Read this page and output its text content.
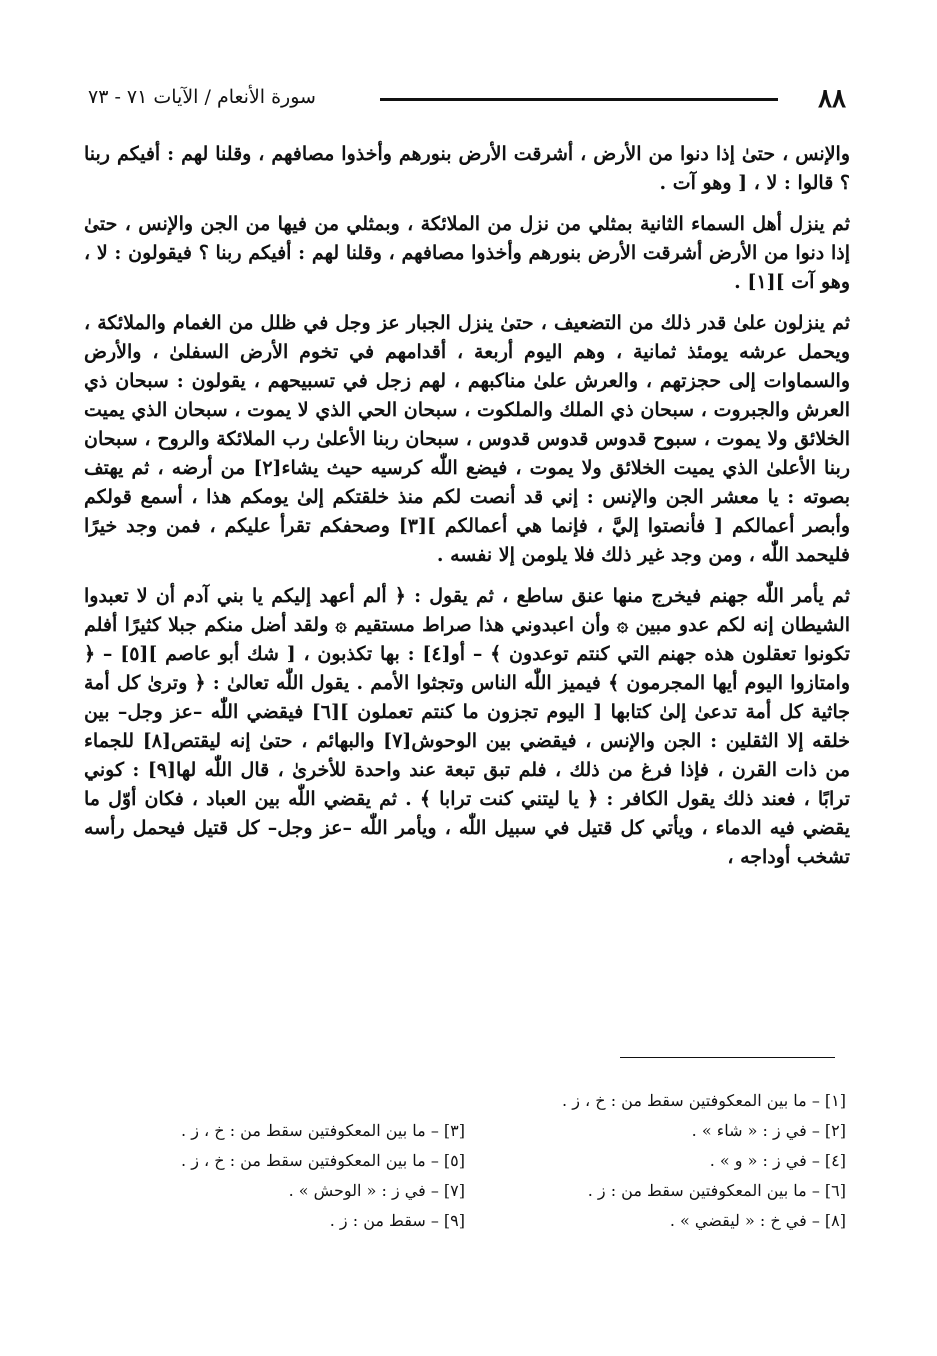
٨٨
سورة الأنعام / الآيات ٧١ - ٧٣

والإنس ، حتىٰ إذا دنوا من الأرض ، أشرقت الأرض بنورهم وأخذوا مصافهم ، وقلنا لهم : أفيكم ربنا ؟ قالوا : لا ، [ وهو آت .

ثم ينزل أهل السماء الثانية بمثلي من نزل من الملائكة ، وبمثلي من فيها من الجن والإنس ، حتىٰ إذا دنوا من الأرض أشرقت الأرض بنورهم وأخذوا مصافهم ، وقلنا لهم : أفيكم ربنا ؟ فيقولون : لا ، وهو آت ][١] .

ثم ينزلون علىٰ قدر ذلك من التضعيف ، حتىٰ ينزل الجبار عز وجل في ظلل من الغمام والملائكة ، ويحمل عرشه يومئذ ثمانية ، وهم اليوم أربعة ، أقدامهم في تخوم الأرض السفلىٰ ، والأرض والسماوات إلى حجزتهم ، والعرش علىٰ مناكبهم ، لهم زجل في تسبيحهم ، يقولون : سبحان ذي العرش والجبروت ، سبحان ذي الملك والملكوت ، سبحان الحي الذي لا يموت ، سبحان الذي يميت الخلائق ولا يموت ، سبوح قدوس قدوس قدوس ، سبحان ربنا الأعلىٰ رب الملائكة والروح ، سبحان ربنا الأعلىٰ الذي يميت الخلائق ولا يموت ، فيضع اللّٰه كرسيه حيث يشاء[٢] من أرضه ، ثم يهتف بصوته : يا معشر الجن والإنس : إني قد أنصت لكم منذ خلقتكم إلىٰ يومكم هذا ، أسمع قولكم وأبصر أعمالكم [ فأنصتوا إليَّ ، فإنما هي أعمالكم ][٣] وصحفكم تقرأ عليكم ، فمن وجد خيرًا فليحمد اللّٰه ، ومن وجد غير ذلك فلا يلومن إلا نفسه .

ثم يأمر اللّٰه جهنم فيخرج منها عنق ساطع ، ثم يقول : ﴿ ألم أعهد إليكم يا بني آدم أن لا تعبدوا الشيطان إنه لكم عدو مبين ۞ وأن اعبدوني هذا صراط مستقيم ۞ ولقد أضل منكم جبلا كثيرًا أفلم تكونوا تعقلون هذه جهنم التي كنتم توعدون ﴾ – أو[٤] : بها تكذبون ، [ شك أبو عاصم ][٥] – ﴿ وامتازوا اليوم أيها المجرمون ﴾ فيميز اللّٰه الناس وتجثوا الأمم . يقول اللّٰه تعالىٰ : ﴿ وترىٰ كل أمة جاثية كل أمة تدعىٰ إلىٰ كتابها [ اليوم تجزون ما كنتم تعملون ][٦] فيقضي اللّٰه –عز وجل– بين خلقه إلا الثقلين : الجن والإنس ، فيقضي بين الوحوش[٧] والبهائم ، حتىٰ إنه ليقتص[٨] للجماء من ذات القرن ، فإذا فرغ من ذلك ، فلم تبق تبعة عند واحدة للأخرىٰ ، قال اللّٰه لها[٩] : كوني ترابًا ، فعند ذلك يقول الكافر : ﴿ يا ليتني كنت ترابا ﴾ . ثم يقضي اللّٰه بين العباد ، فكان أوّل ما يقضي فيه الدماء ، ويأتي كل قتيل في سبيل اللّٰه ، ويأمر اللّٰه –عز وجل– كل قتيل فيحمل رأسه تشخب أوداجه ،

[١] – ما بين المعكوفتين سقط من : خ ، ز .
[٢] – في ز : « شاء » .
[٣] – ما بين المعكوفتين سقط من : خ ، ز .
[٤] – في ز : « و » .
[٥] – ما بين المعكوفتين سقط من : خ ، ز .
[٦] – ما بين المعكوفتين سقط من : ز .
[٧] – في ز : « الوحش » .
[٨] – في خ : « ليقضي » .
[٩] – سقط من : ز .
